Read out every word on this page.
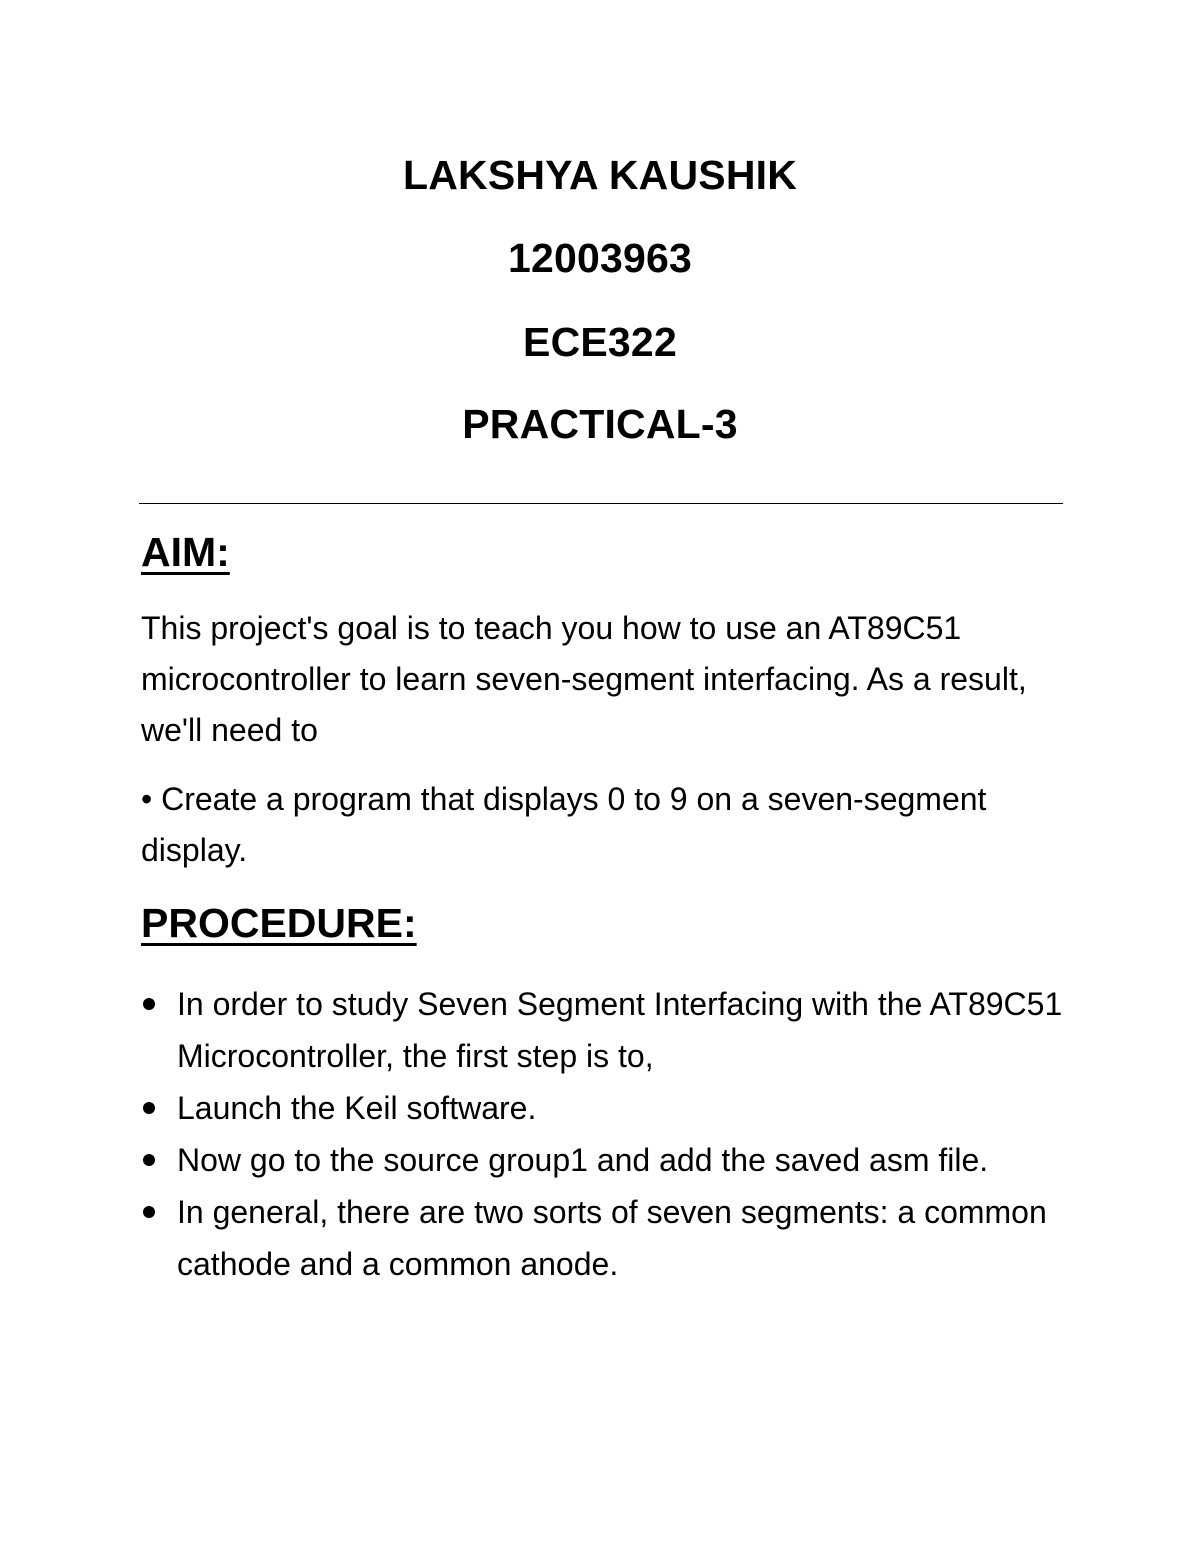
LAKSHYA KAUSHIK
12003963
ECE322
PRACTICAL-3
AIM:
This project's goal is to teach you how to use an AT89C51 microcontroller to learn seven-segment interfacing. As a result, we'll need to
• Create a program that displays 0 to 9 on a seven-segment display.
PROCEDURE:
In order to study Seven Segment Interfacing with the AT89C51 Microcontroller, the first step is to,
Launch the Keil software.
Now go to the source group1 and add the saved asm file.
In general, there are two sorts of seven segments: a common cathode and a common anode.
